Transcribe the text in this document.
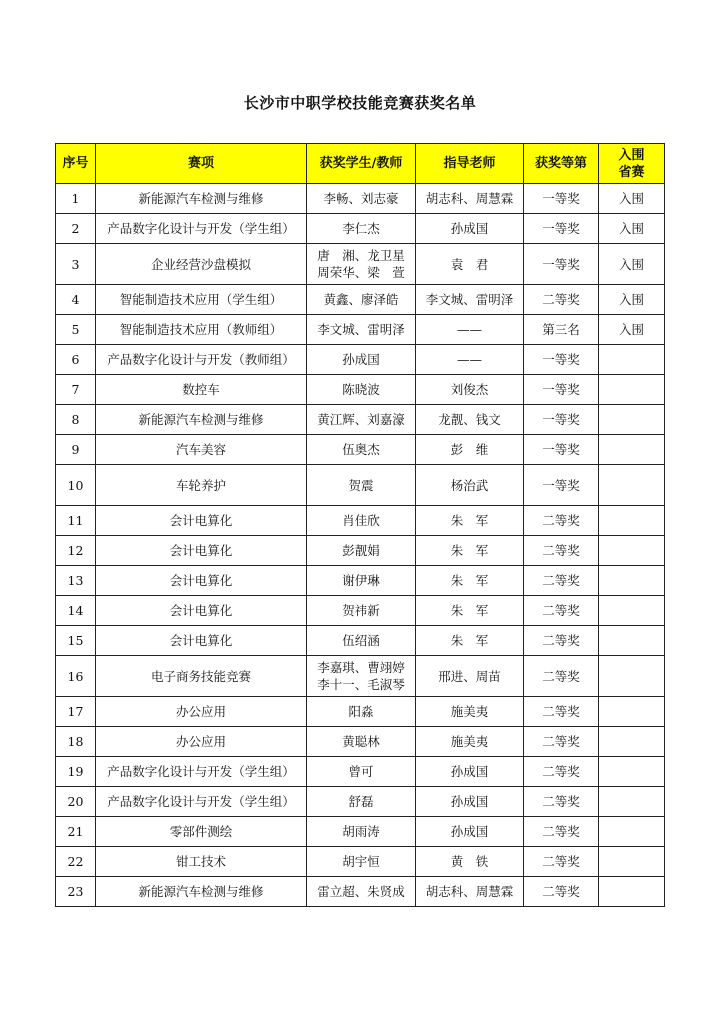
长沙市中职学校技能竞赛获奖名单
序号	赛项	获奖学生/教师	指导老师	获奖等第	入围
省赛
1	新能源汽车检测与维修	李畅、刘志豪	胡志科、周慧霖	一等奖	入围
2	产品数字化设计与开发（学生组）	李仁杰	孙成国	一等奖	入围
3	企业经营沙盘模拟	唐　湘、龙卫星
周荣华、梁　萱	袁　君	一等奖	入围
4	智能制造技术应用（学生组）	黄鑫、廖泽皓	李文城、雷明泽	二等奖	入围
5	智能制造技术应用（教师组）	李文城、雷明泽	——	第三名	入围
6	产品数字化设计与开发（教师组）	孙成国	——	一等奖	
7	数控车	陈晓波	刘俊杰	一等奖	
8	新能源汽车检测与维修	黄江辉、刘嘉濠	龙靓、钱文	一等奖	
9	汽车美容	伍奥杰	彭　维	一等奖	
10	车轮养护	贺震	杨治武	一等奖	
11	会计电算化	肖佳欣	朱　军	二等奖	
12	会计电算化	彭靓娟	朱　军	二等奖	
13	会计电算化	谢伊琳	朱　军	二等奖	
14	会计电算化	贺祎新	朱　军	二等奖	
15	会计电算化	伍绍涵	朱　军	二等奖	
16	电子商务技能竞赛	李嘉琪、曹翊婷
李十一、毛淑琴	邢进、周苗	二等奖	
17	办公应用	阳淼	施美夷	二等奖	
18	办公应用	黄聪林	施美夷	二等奖	
19	产品数字化设计与开发（学生组）	曾可	孙成国	二等奖	
20	产品数字化设计与开发（学生组）	舒磊	孙成国	二等奖	
21	零部件测绘	胡雨涛	孙成国	二等奖	
22	钳工技术	胡宇恒	黄　铁	二等奖	
23	新能源汽车检测与维修	雷立超、朱贤成	胡志科、周慧霖	二等奖	
